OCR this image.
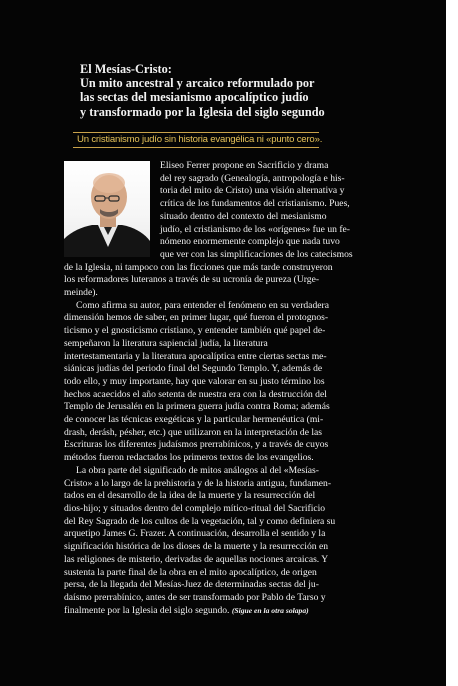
El Mesías-Cristo:
Un mito ancestral y arcaico reformulado por
las sectas del mesianismo apocalíptico judío
y transformado por la Iglesia del siglo segundo
Un cristianismo judío sin historia evangélica ni «punto cero».

Eliseo Ferrer propone en Sacrificio y drama
del rey sagrado (Genealogía, antropología e his-
toria del mito de Cristo) una visión alternativa y
crítica de los fundamentos del cristianismo. Pues,
situado dentro del contexto del mesianismo
judío, el cristianismo de los «orígenes» fue un fe-
nómeno enormemente complejo que nada tuvo
que ver con las simplificaciones de los catecismos
de la Iglesia, ni tampoco con las ficciones que más tarde construyeron
los reformadores luteranos a través de su ucronía de pureza (Urge-
meinde).

Como afirma su autor, para entender el fenómeno en su verdadera
dimensión hemos de saber, en primer lugar, qué fueron el protognos-
ticismo y el gnosticismo cristiano, y entender también qué papel de-
sempeñaron la literatura sapiencial judía, la literatura
intertestamentaria y la literatura apocalíptica entre ciertas sectas me-
siánicas judías del periodo final del Segundo Templo. Y, además de
todo ello, y muy importante, hay que valorar en su justo término los
hechos acaecidos el año setenta de nuestra era con la destrucción del
Templo de Jerusalén en la primera guerra judía contra Roma; además
de conocer las técnicas exegéticas y la particular hermenéutica (mi-
drash, derásh, pésher, etc.) que utilizaron en la interpretación de las
Escrituras los diferentes judaísmos prerrabínicos, y a través de cuyos
métodos fueron redactados los primeros textos de los evangelios.

La obra parte del significado de mitos análogos al del «Mesías-
Cristo» a lo largo de la prehistoria y de la historia antigua, fundamen-
tados en el desarrollo de la idea de la muerte y la resurrección del
dios-hijo; y situados dentro del complejo mítico-ritual del Sacrificio
del Rey Sagrado de los cultos de la vegetación, tal y como definiera su
arquetipo James G. Frazer. A continuación, desarrolla el sentido y la
significación histórica de los dioses de la muerte y la resurrección en
las religiones de misterio, derivadas de aquellas nociones arcaicas. Y
sustenta la parte final de la obra en el mito apocalíptico, de origen
persa, de la llegada del Mesías-Juez de determinadas sectas del ju-
daísmo prerrabínico, antes de ser transformado por Pablo de Tarso y
finalmente por la Iglesia del siglo segundo. (Sigue en la otra solapa)
